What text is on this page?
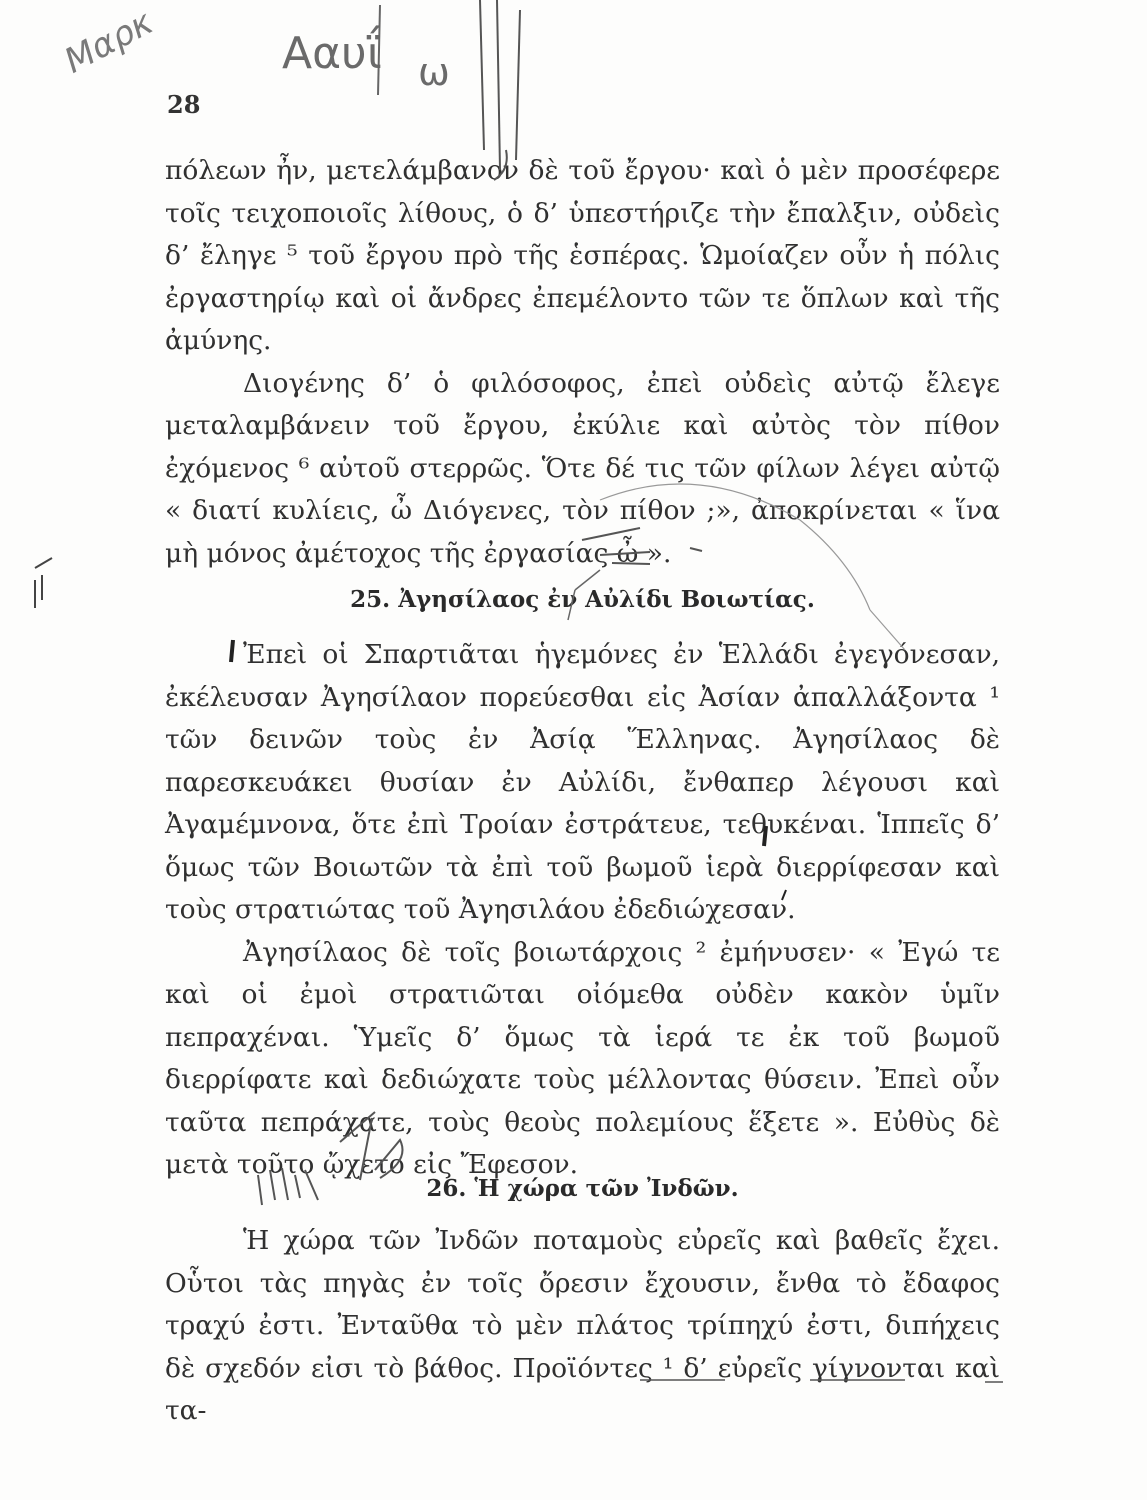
28

πόλεων ἦν, μετελάμβανον δὲ τοῦ ἔργου· καὶ ὁ μὲν προσέφερε τοῖς τειχοποιοῖς λίθους, ὁ δ’ ὑπεστήριζε τὴν ἔπαλξιν, οὐδεὶς δ’ ἔληγε ⁵ τοῦ ἔργου πρὸ τῆς ἑσπέρας. Ὡμοίαζεν οὖν ἡ πόλις ἐργαστηρίῳ καὶ οἱ ἄνδρες ἐπεμέλοντο τῶν τε ὅπλων καὶ τῆς ἀμύνης.

Διογένης δ’ ὁ φιλόσοφος, ἐπεὶ οὐδεὶς αὐτῷ ἔλεγε μεταλαμβάνειν τοῦ ἔργου, ἐκύλιε καὶ αὐτὸς τὸν πίθον ἐχόμενος ⁶ αὐτοῦ στερρῶς. Ὅτε δέ τις τῶν φίλων λέγει αὐτῷ « διατί κυλίεις, ὦ Διόγενες, τὸν πίθον ;», ἀποκρίνεται « ἵνα μὴ μόνος ἀμέτοχος τῆς ἐργασίας ὦ ».

25. Ἀγησίλαος ἐν Αὐλίδι Βοιωτίας.

Ἐπεὶ οἱ Σπαρτιᾶται ἡγεμόνες ἐν Ἑλλάδι ἐγεγόνεσαν, ἐκέλευσαν Ἀγησίλαον πορεύεσθαι εἰς Ἀσίαν ἀπαλλάξοντα ¹ τῶν δεινῶν τοὺς ἐν Ἀσίᾳ Ἕλληνας. Ἀγησίλαος δὲ παρεσκευάκει θυσίαν ἐν Αὐλίδι, ἔνθαπερ λέγουσι καὶ Ἀγαμέμνονα, ὅτε ἐπὶ Τροίαν ἐστράτευε, τεθυκέναι. Ἱππεῖς δ’ ὅμως τῶν Βοιωτῶν τὰ ἐπὶ τοῦ βωμοῦ ἱερὰ διερρίφεσαν καὶ τοὺς στρατιώτας τοῦ Ἀγησιλάου ἐδεδιώχεσαν.

Ἀγησίλαος δὲ τοῖς βοιωτάρχοις ² ἐμήνυσεν· « Ἐγώ τε καὶ οἱ ἐμοὶ στρατιῶται οἰόμεθα οὐδὲν κακὸν ὑμῖν πεπραχέναι. Ὑμεῖς δ’ ὅμως τὰ ἱερά τε ἐκ τοῦ βωμοῦ διερρίφατε καὶ δεδιώχατε τοὺς μέλλοντας θύσειν. Ἐπεὶ οὖν ταῦτα πεπράχατε, τοὺς θεοὺς πολεμίους ἕξετε ». Εὐθὺς δὲ μετὰ τοῦτο ᾤχετο εἰς Ἔφεσον.

26. Ἡ χώρα τῶν Ἰνδῶν.

Ἡ χώρα τῶν Ἰνδῶν ποταμοὺς εὐρεῖς καὶ βαθεῖς ἔχει. Οὗτοι τὰς πηγὰς ἐν τοῖς ὄρεσιν ἔχουσιν, ἔνθα τὸ ἔδαφος τραχύ ἐστι. Ἐνταῦθα τὸ μὲν πλάτος τρίπηχύ ἐστι, διπήχεις δὲ σχεδόν εἰσι τὸ βάθος. Προϊόντες ¹ δ’ εὐρεῖς γίγνονται καὶ τα-

Μαρκ	Ααυΐ ω
